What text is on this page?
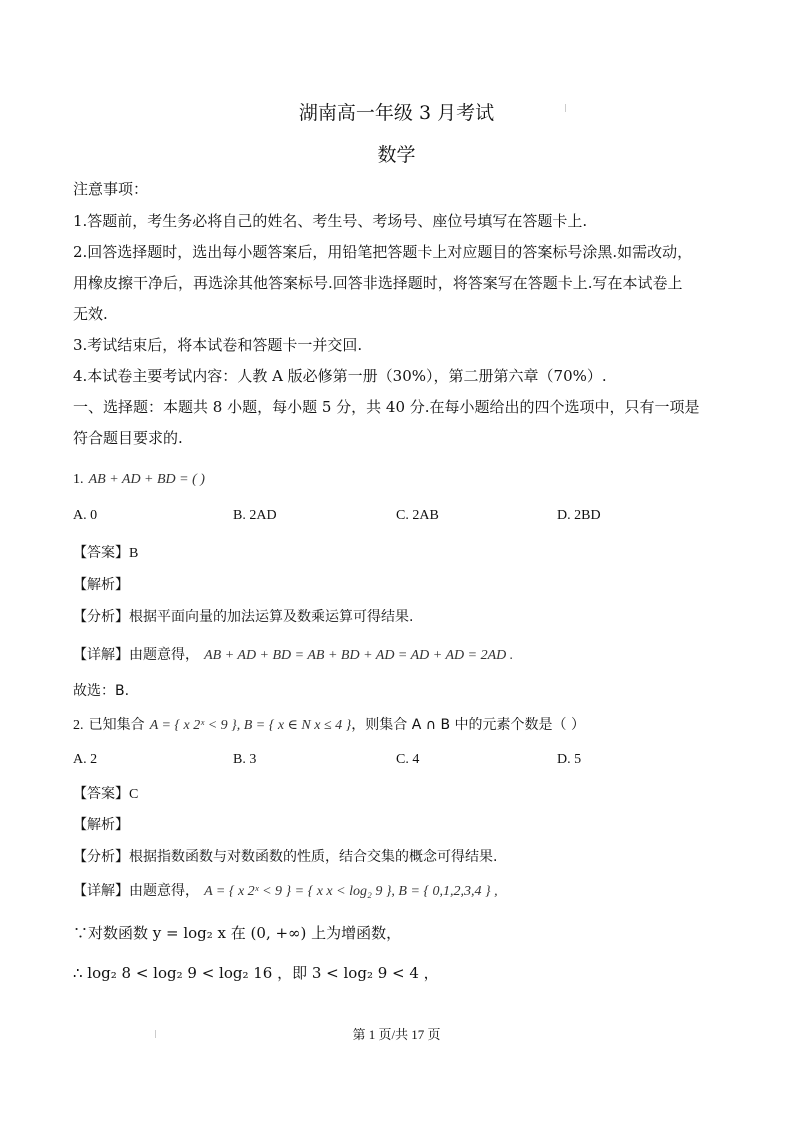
湖南高一年级 3 月考试
数学
注意事项：
1.答题前，考生务必将自己的姓名、考生号、考场号、座位号填写在答题卡上.
2.回答选择题时，选出每小题答案后，用铅笔把答题卡上对应题目的答案标号涂黑.如需改动，
用橡皮擦干净后，再选涂其他答案标号.回答非选择题时，将答案写在答题卡上.写在本试卷上
无效.
3.考试结束后，将本试卷和答题卡一并交回.
4.本试卷主要考试内容：人教 A 版必修第一册（30%），第二册第六章（70%）.
一、选择题：本题共 8 小题，每小题 5 分，共 40 分.在每小题给出的四个选项中，只有一项是
符合题目要求的.
1. AB + AD + BD = ( )
A. 0	B. 2AD	C. 2AB	D. 2BD
【答案】B
【解析】
【分析】根据平面向量的加法运算及数乘运算可得结果.
【详解】由题意得， AB + AD + BD = AB + BD + AD = AD + AD = 2AD .
故选：B.
2. 已知集合 A = { x 2ˣ < 9 }, B = { x ∈ N x ≤ 4 }，则集合 A ∩ B 中的元素个数是（ ）
A. 2	B. 3	C. 4	D. 5
【答案】C
【解析】
【分析】根据指数函数与对数函数的性质，结合交集的概念可得结果.
【详解】由题意得， A = { x 2ˣ < 9 } = { x x < log₂ 9 }, B = { 0,1,2,3,4 } ,
∵对数函数 y = log₂ x 在 (0, +∞) 上为增函数，
∴ log₂ 8 < log₂ 9 < log₂ 16 ，即 3 < log₂ 9 < 4 ，
第 1 页/共 17 页
